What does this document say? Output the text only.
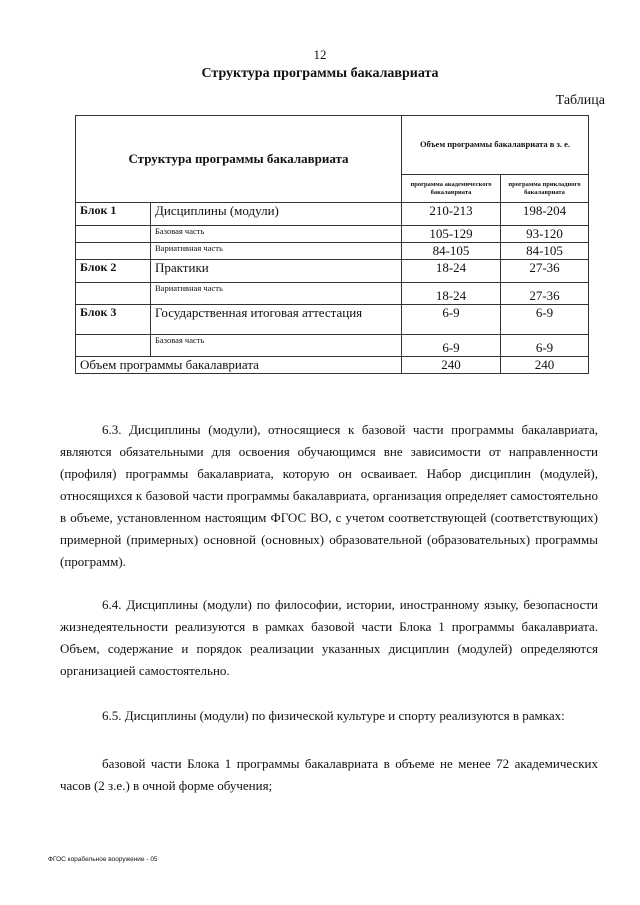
12
Структура программы бакалавриата
Таблица
Структура программы бакалавриата		Объем программы бакалавриата в з. е.	
		программа академического бакалавриата	программа прикладного бакалавриата
Блок 1	Дисциплины (модули)	210-213	198-204
	Базовая часть	105-129	93-120
	Вариативная часть	84-105	84-105
Блок 2	Практики	18-24	27-36
	Вариативная часть	18-24	27-36
Блок 3	Государственная итоговая аттестация	6-9	6-9
	Базовая часть	6-9	6-9
Объем программы бакалавриата		240	240

6.3. Дисциплины (модули), относящиеся к базовой части программы бакалавриата, являются обязательными для освоения обучающимся вне зависимости от направленности (профиля) программы бакалавриата, которую он осваивает. Набор дисциплин (модулей), относящихся к базовой части программы бакалавриата, организация определяет самостоятельно в объеме, установленном настоящим ФГОС ВО, с учетом соответствующей (соответствующих) примерной (примерных) основной (основных) образовательной (образовательных) программы (программ).

6.4. Дисциплины (модули) по философии, истории, иностранному языку, безопасности жизнедеятельности реализуются в рамках базовой части Блока 1 программы бакалавриата. Объем, содержание и порядок реализации указанных дисциплин (модулей) определяются организацией самостоятельно.

6.5. Дисциплины (модули) по физической культуре и спорту реализуются в рамках:

базовой части Блока 1 программы бакалавриата в объеме не менее 72 академических часов (2 з.е.) в очной форме обучения;

ФГОС корабельное вооружение - 05
